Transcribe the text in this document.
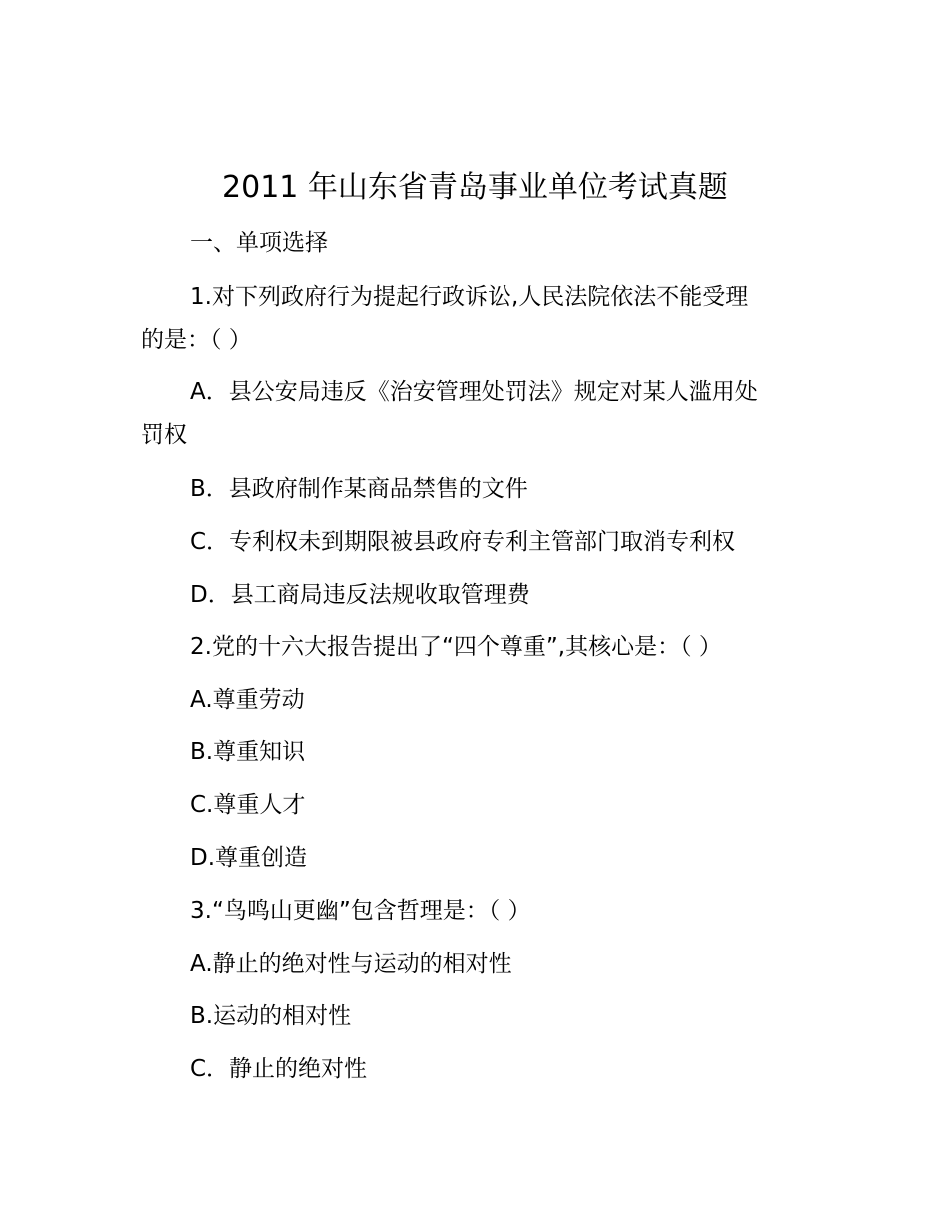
2011 年山东省青岛事业单位考试真题
一、单项选择
1.对下列政府行为提起行政诉讼,人民法院依法不能受理
的是：（ ）
A．县公安局违反《治安管理处罚法》规定对某人滥用处
罚权
B．县政府制作某商品禁售的文件
C．专利权未到期限被县政府专利主管部门取消专利权
D．县工商局违反法规收取管理费
2.党的十六大报告提出了“四个尊重”,其核心是：（ ）
A.尊重劳动
B.尊重知识
C.尊重人才
D.尊重创造
3.“鸟鸣山更幽”包含哲理是：（ ）
A.静止的绝对性与运动的相对性
B.运动的相对性
C．静止的绝对性
